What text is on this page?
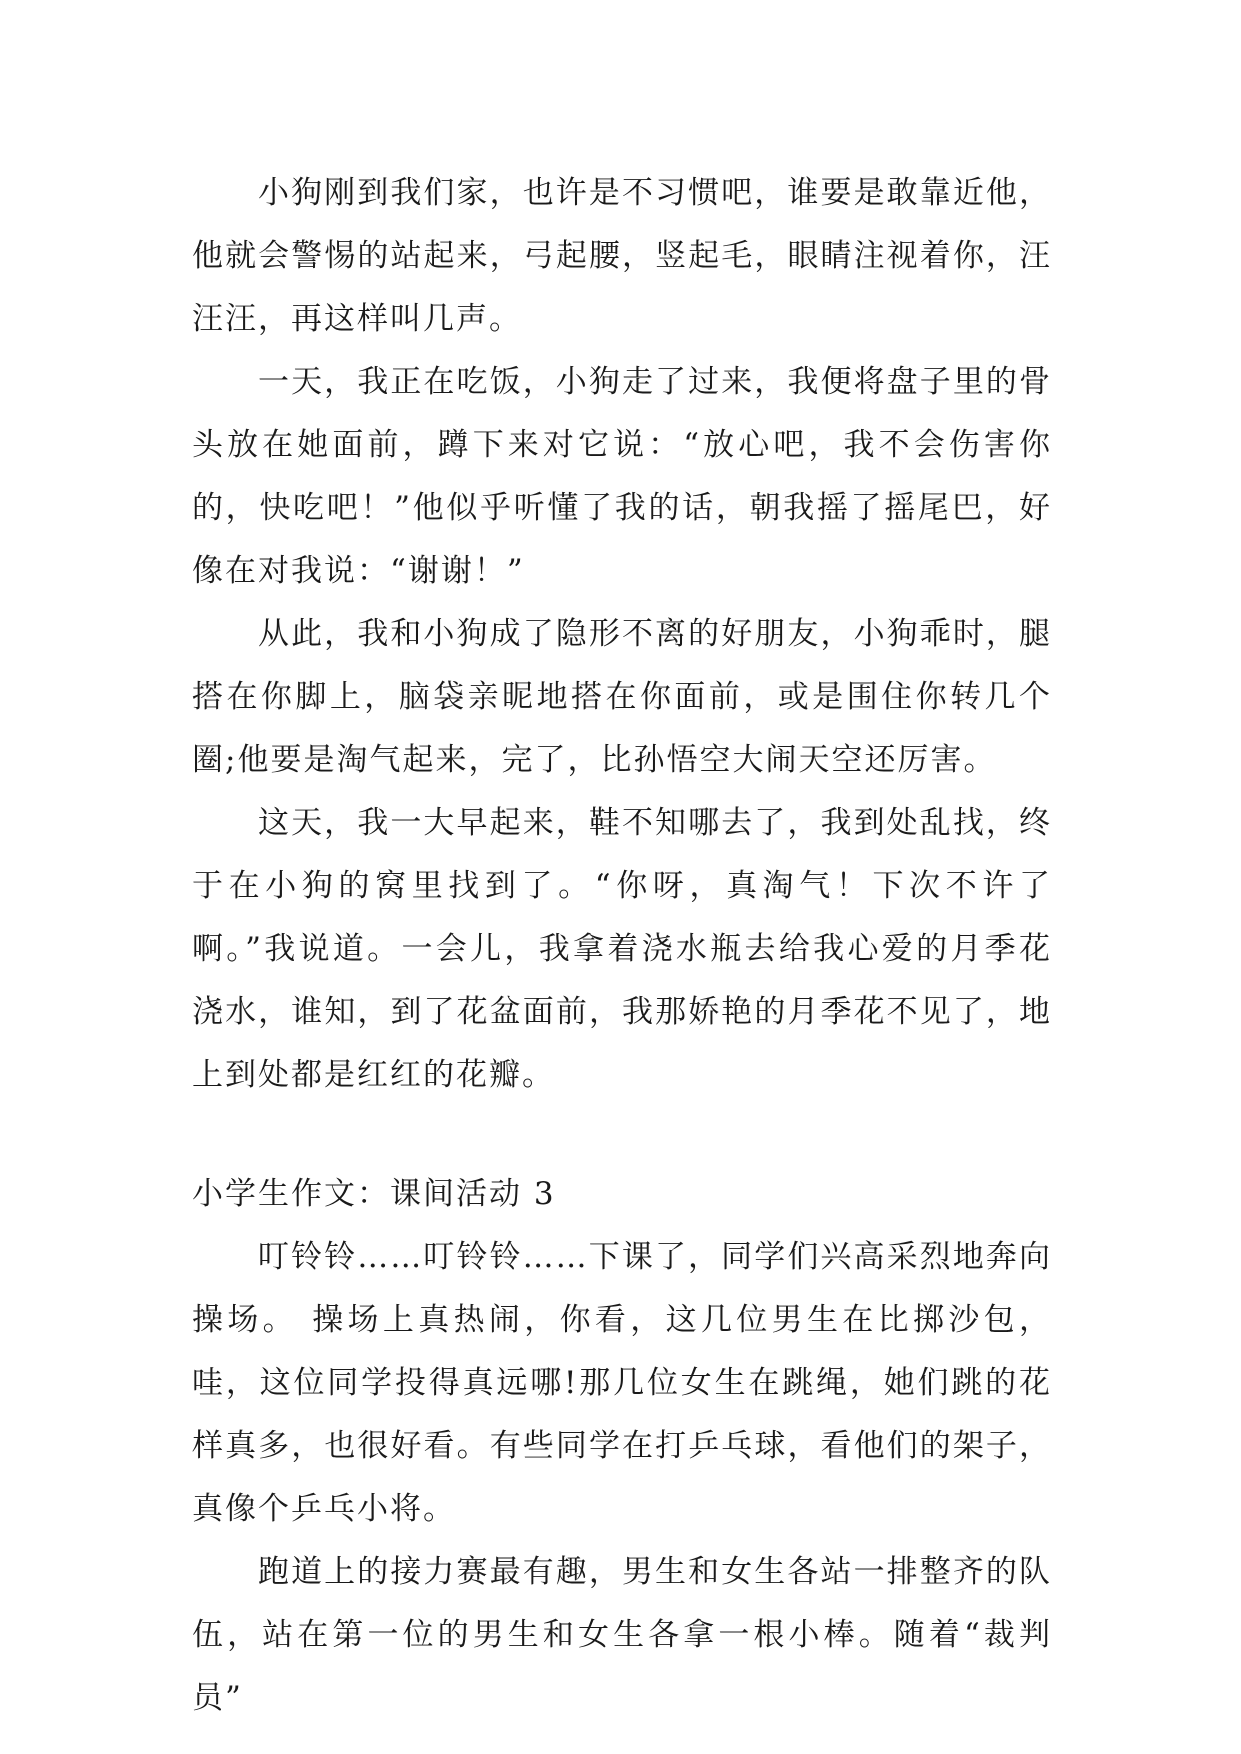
小狗刚到我们家，也许是不习惯吧，谁要是敢靠近他，他就会警惕的站起来，弓起腰，竖起毛，眼睛注视着你，汪汪汪，再这样叫几声。

一天，我正在吃饭，小狗走了过来，我便将盘子里的骨头放在她面前，蹲下来对它说：“放心吧，我不会伤害你的，快吃吧！”他似乎听懂了我的话，朝我摇了摇尾巴，好像在对我说：“谢谢！”

从此，我和小狗成了隐形不离的好朋友，小狗乖时，腿搭在你脚上，脑袋亲昵地搭在你面前，或是围住你转几个圈;他要是淘气起来，完了，比孙悟空大闹天空还厉害。

这天，我一大早起来，鞋不知哪去了，我到处乱找，终于在小狗的窝里找到了。“你呀，真淘气！下次不许了啊。”我说道。一会儿，我拿着浇水瓶去给我心爱的月季花浇水，谁知，到了花盆面前，我那娇艳的月季花不见了，地上到处都是红红的花瓣。

小学生作文：课间活动 3

叮铃铃……叮铃铃……下课了，同学们兴高采烈地奔向操场。 操场上真热闹，你看，这几位男生在比掷沙包，哇，这位同学投得真远哪!那几位女生在跳绳，她们跳的花样真多，也很好看。有些同学在打乒乓球，看他们的架子，真像个乒乓小将。

跑道上的接力赛最有趣，男生和女生各站一排整齐的队伍，站在第一位的男生和女生各拿一根小棒。随着“裁判员”
